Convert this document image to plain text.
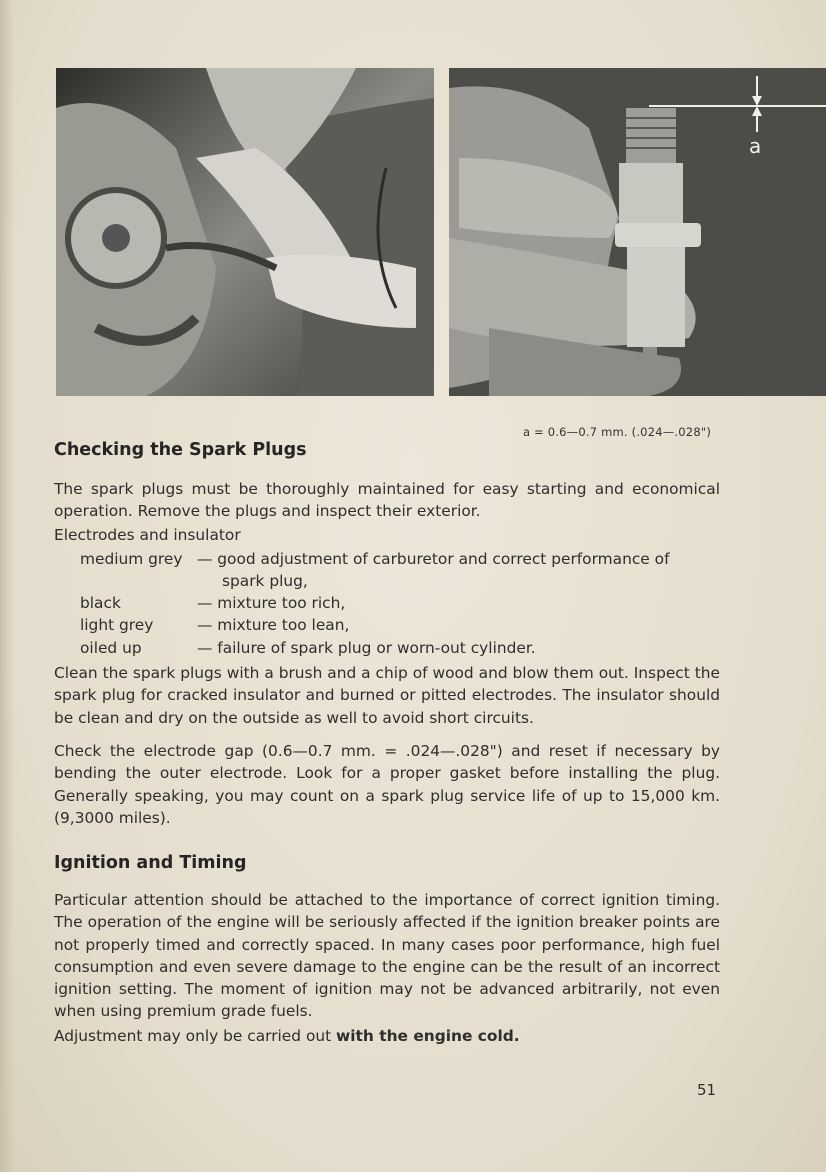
a
a = 0.6—0.7 mm. (.024—.028")
Checking the Spark Plugs
The spark plugs must be thoroughly maintained for easy starting and economical operation. Remove the plugs and inspect their exterior.
Electrodes and insulator
medium grey — good adjustment of carburetor and correct performance of
spark plug,
black	— mixture too rich,
light grey	— mixture too lean,
oiled up	— failure of spark plug or worn-out cylinder.
Clean the spark plugs with a brush and a chip of wood and blow them out. Inspect the spark plug for cracked insulator and burned or pitted electrodes. The insulator should be clean and dry on the outside as well to avoid short circuits.
Check the electrode gap (0.6—0.7 mm. = .024—.028") and reset if necessary by bending the outer electrode. Look for a proper gasket before installing the plug. Generally speaking, you may count on a spark plug service life of up to 15,000 km. (9,3000 miles).
Ignition and Timing
Particular attention should be attached to the importance of correct ignition timing. The operation of the engine will be seriously affected if the ignition breaker points are not properly timed and correctly spaced. In many cases poor performance, high fuel consumption and even severe damage to the engine can be the result of an incorrect ignition setting. The moment of ignition may not be advanced arbitrarily, not even when using premium grade fuels.
Adjustment may only be carried out with the engine cold.
51
